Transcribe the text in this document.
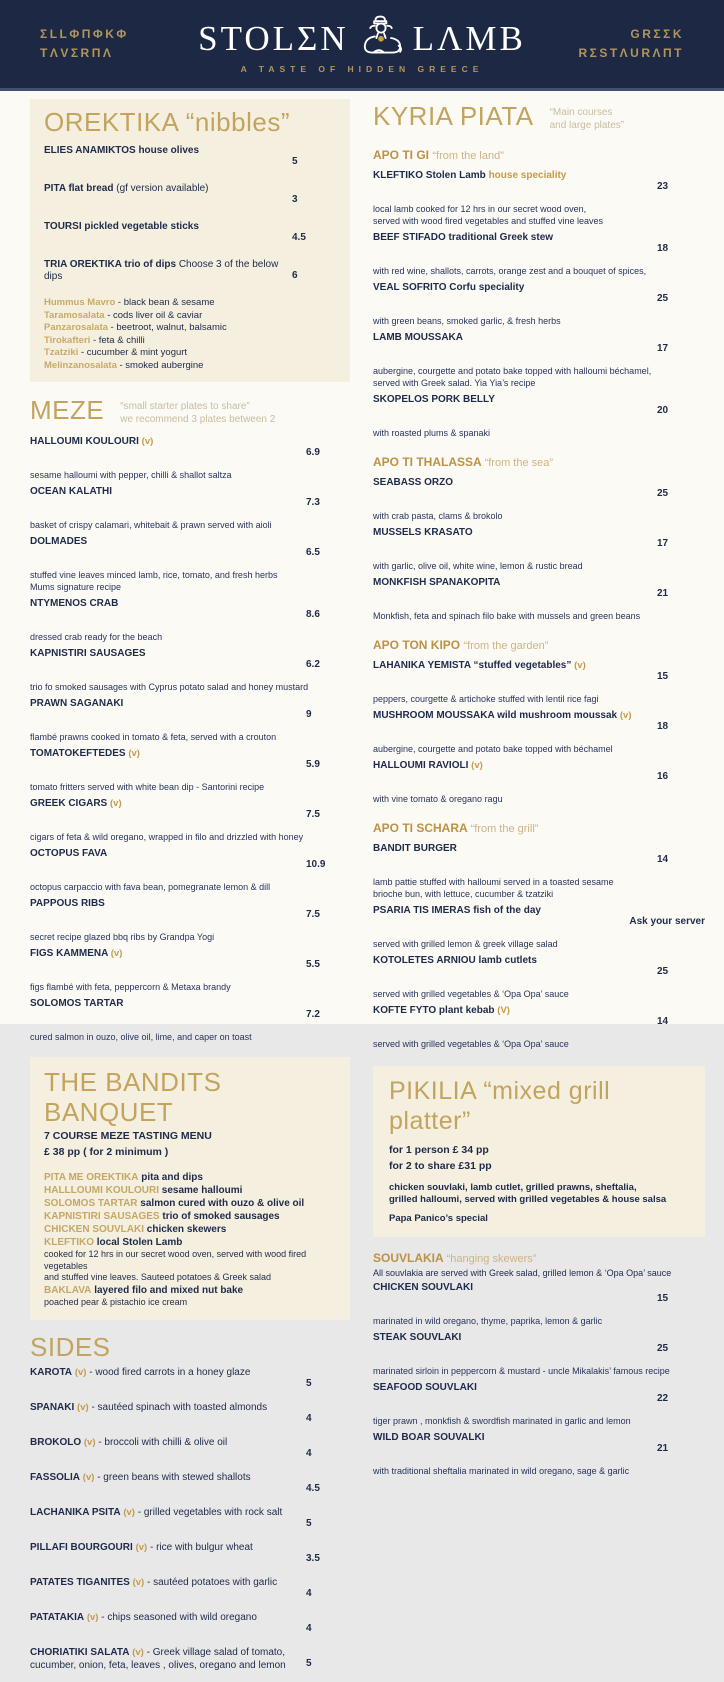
ΣLLΦΠΦKΦ
TΛVΣRΠΛ	STOLΣN LΛMB
A TASTE OF HIDDEN GREECE
GRΣΣK
RΣSTΛURΛΠT
OREKTIKA “nibbles”

ELIES ANAMIKTOS house olives

5

PITA flat bread (gf version available)

3

TOURSI pickled vegetable sticks

4.5

TRIA OREKTIKA trio of dips Choose 3 of the below dips	6

Hummus Mavro - black bean & sesame

Taramosalata - cods liver oil & caviar

Panzarosalata - beetroot, walnut, balsamic

Tirokafteri - feta & chilli

Tzatziki - cucumber & mint yogurt

Melinzanosalata - smoked aubergine

MEZE “small starter plates to share”
we recommend 3 plates between 2

HALLOUMI KOULOURI (v)

6.9

sesame halloumi with pepper, chilli & shallot saltza

OCEAN KALATHI

7.3

basket of crispy calamari, whitebait & prawn served with aioli

DOLMADES

6.5

stuffed vine leaves minced lamb, rice, tomato, and fresh herbs

Mums signature recipe

NTYMENOS CRAB

8.6

dressed crab ready for the beach

KAPNISTIRI SAUSAGES

6.2

trio fo smoked sausages with Cyprus potato salad and honey mustard

PRAWN SAGANAKI

9

flambé prawns cooked in tomato & feta, served with a crouton

TOMATOKEFTEDES (v)

5.9

tomato fritters served with white bean dip - Santorini recipe

GREEK CIGARS (v)

7.5

cigars of feta & wild oregano, wrapped in filo and drizzled with honey

OCTOPUS FAVA

10.9

octopus carpaccio with fava bean, pomegranate lemon & dill

PAPPOUS RIBS

7.5

secret recipe glazed bbq ribs by Grandpa Yogi

FIGS KAMMENA (v)

5.5

figs flambé with feta, peppercorn & Metaxa brandy

SOLOMOS TARTAR

7.2

cured salmon in ouzo, olive oil, lime, and caper on toast

THE BANDITS BANQUET

7 COURSE MEZE TASTING MENU

£ 38 pp ( for 2 minimum )

PITA ME OREKTIKA pita and dips

HALLLOUMI KOULOURI sesame halloumi

SOLOMOS TARTAR salmon cured with ouzo & olive oil

KAPNISTIRI SAUSAGES trio of smoked sausages

CHICKEN SOUVLAKI chicken skewers

KLEFTIKO local Stolen Lamb

cooked for 12 hrs in our secret wood oven, served with wood fired vegetables

and stuffed vine leaves. Sauteed potatoes & Greek salad

BAKLAVA layered filo and mixed nut bake

poached pear & pistachio ice cream

SIDES

KAROTA (v) - wood fired carrots in a honey glaze

5

SPANAKI (v) - sautéed spinach with toasted almonds

4

BROKOLO (v) - broccoli with chilli & olive oil

4

FASSOLIA (v) - green beans with stewed shallots

4.5

LACHANIKA PSITA (v) - grilled vegetables with rock salt

5

PILLAFI BOURGOURI (v) - rice with bulgur wheat

3.5

PATATES TIGANITES (v) - sautéed potatoes with garlic

4

PATATAKIA (v) - chips seasoned with wild oregano

4

CHORIATIKI SALATA (v) - Greek village salad of tomato, cucumber, onion, feta, leaves , olives, oregano and lemon	5

KYRIA PIATA “Main courses
and large plates”
APO TI GI “from the land”

KLEFTIKO Stolen Lamb house speciality

23

local lamb cooked for 12 hrs in our secret wood oven,

served with wood fired vegetables and stuffed vine leaves

BEEF STIFADO traditional Greek stew

18

with red wine, shallots, carrots, orange zest and a bouquet of spices,

VEAL SOFRITO Corfu speciality

25

with green beans, smoked garlic, & fresh herbs

LAMB MOUSSAKA

17

aubergine, courgette and potato bake topped with halloumi béchamel,

served with Greek salad. Yia Yia’s recipe

SKOPELOS PORK BELLY

20

with roasted plums & spanaki

APO TI THALASSA “from the sea”

SEABASS ORZO

25

with crab pasta, clams & brokolo

MUSSELS KRASATO

17

with garlic, olive oil, white wine, lemon & rustic bread

MONKFISH SPANAKOPITA

21

Monkfish, feta and spinach filo bake with mussels and green beans

APO TON KIPO “from the garden”

LAHANIKA YEMISTA “stuffed vegetables” (v)

15

peppers, courgette & artichoke stuffed with lentil rice fagi

MUSHROOM MOUSSAKA wild mushroom moussak (v)

18

aubergine, courgette and potato bake topped with béchamel

HALLOUMI RAVIOLI (v)

16

with vine tomato & oregano ragu

APO TI SCHARA “from the grill”

BANDIT BURGER

14

lamb pattie stuffed with halloumi served in a toasted sesame

brioche bun, with lettuce, cucumber & tzatziki

PSARIA TIS IMERAS fish of the day

Ask your server

served with grilled lemon & greek village salad

KOTOLETES ARNIOU lamb cutlets

25

served with grilled vegetables & ‘Opa Opa’ sauce

KOFTE FYTO plant kebab (V)

14

served with grilled vegetables & ‘Opa Opa’ sauce

PIKILIA “mixed grill platter”

for 1 person £ 34 pp

for 2 to share £31 pp

chicken souvlaki, lamb cutlet, grilled prawns, sheftalia,

grilled halloumi, served with grilled vegetables & house salsa

Papa Panico’s special

SOUVLAKIA “hanging skewers”

All souvlakia are served with Greek salad, grilled lemon & ‘Opa Opa’ sauce

CHICKEN SOUVLAKI

15

marinated in wild oregano, thyme, paprika, lemon & garlic

STEAK SOUVLAKI

25

marinated sirloin in peppercorn & mustard - uncle Mikalakis’ famous recipe

SEAFOOD SOUVLAKI

22

tiger prawn , monkfish & swordfish marinated in garlic and lemon

WILD BOAR SOUVALKI

21

with traditional sheftalia marinated in wild oregano, sage & garlic
